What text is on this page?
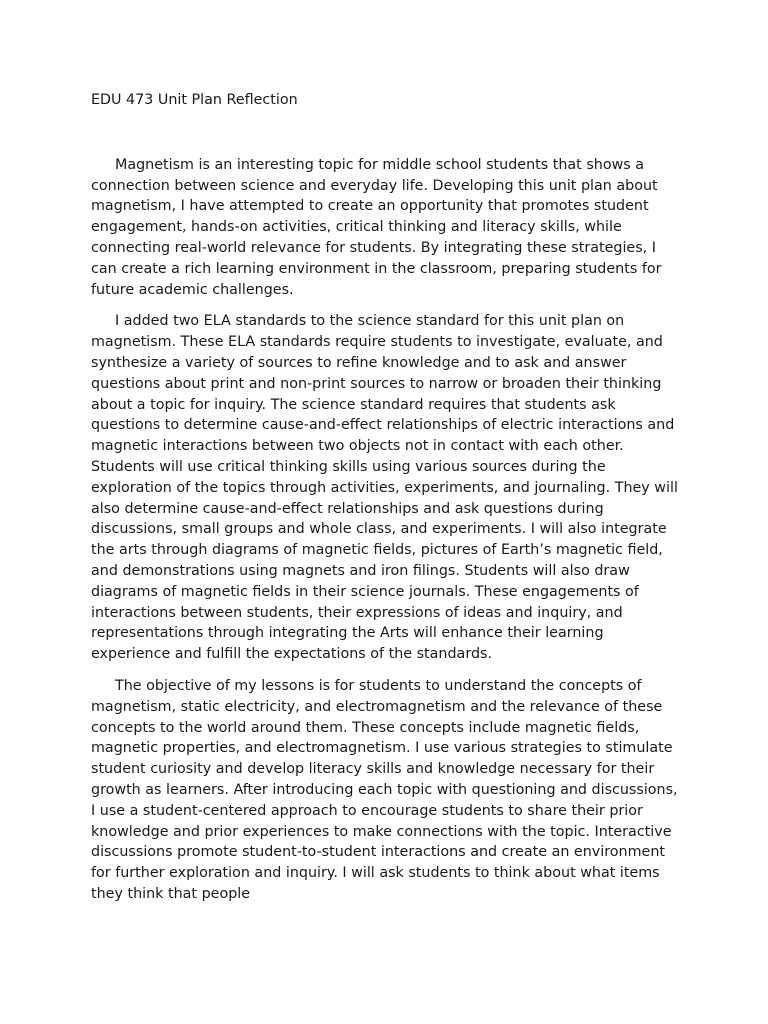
EDU 473 Unit Plan Reflection

Magnetism is an interesting topic for middle school students that shows a connection between science and everyday life. Developing this unit plan about magnetism, I have attempted to create an opportunity that promotes student engagement, hands-on activities, critical thinking and literacy skills, while connecting real-world relevance for students. By integrating these strategies, I can create a rich learning environment in the classroom, preparing students for future academic challenges.

I added two ELA standards to the science standard for this unit plan on magnetism. These ELA standards require students to investigate, evaluate, and synthesize a variety of sources to refine knowledge and to ask and answer questions about print and non-print sources to narrow or broaden their thinking about a topic for inquiry. The science standard requires that students ask questions to determine cause-and-effect relationships of electric interactions and magnetic interactions between two objects not in contact with each other. Students will use critical thinking skills using various sources during the exploration of the topics through activities, experiments, and journaling. They will also determine cause-and-effect relationships and ask questions during discussions, small groups and whole class, and experiments. I will also integrate the arts through diagrams of magnetic fields, pictures of Earth’s magnetic field, and demonstrations using magnets and iron filings. Students will also draw diagrams of magnetic fields in their science journals. These engagements of interactions between students, their expressions of ideas and inquiry, and representations through integrating the Arts will enhance their learning experience and fulfill the expectations of the standards.

The objective of my lessons is for students to understand the concepts of magnetism, static electricity, and electromagnetism and the relevance of these concepts to the world around them. These concepts include magnetic fields, magnetic properties, and electromagnetism. I use various strategies to stimulate student curiosity and develop literacy skills and knowledge necessary for their growth as learners. After introducing each topic with questioning and discussions, I use a student-centered approach to encourage students to share their prior knowledge and prior experiences to make connections with the topic. Interactive discussions promote student-to-student interactions and create an environment for further exploration and inquiry. I will ask students to think about what items they think that people
